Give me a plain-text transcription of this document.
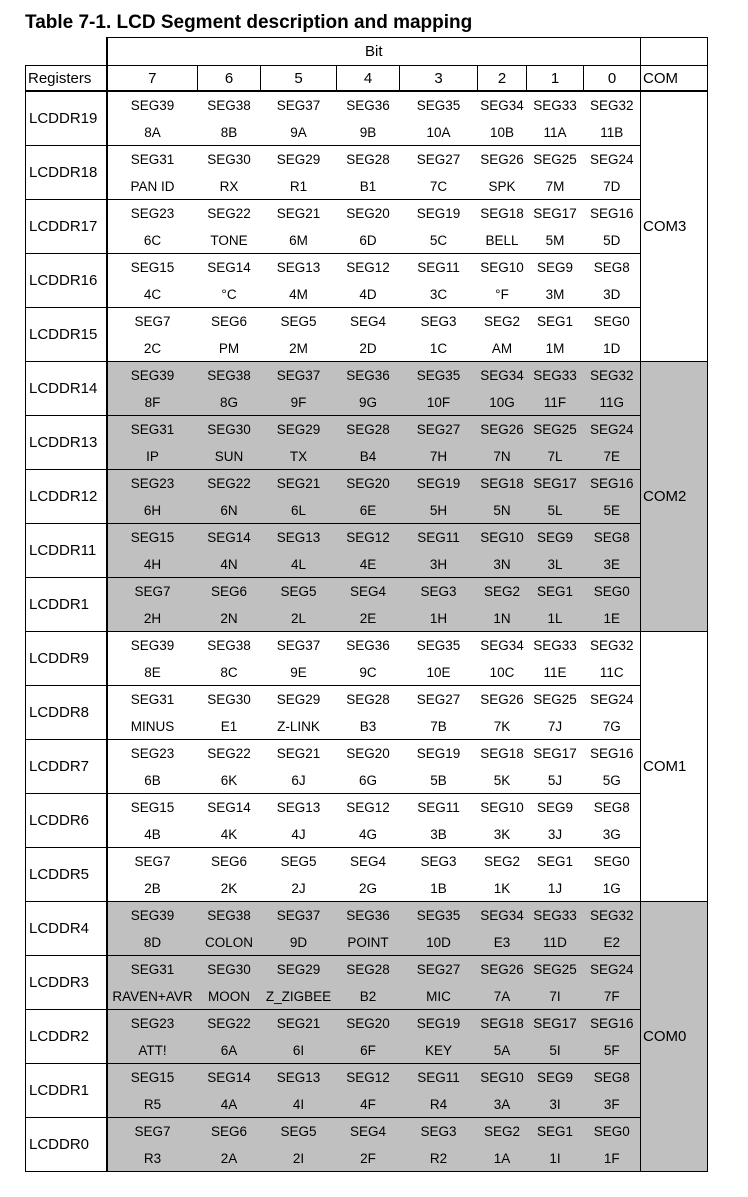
Table 7-1. LCD Segment description and mapping
	Bit								
Registers	7	6	5	4	3	2	1	0	COM
LCDDR19	SEG39	SEG38	SEG37	SEG36	SEG35	SEG34	SEG33	SEG32	COM3
	8A	8B	9A	9B	10A	10B	11A	11B	
LCDDR18	SEG31	SEG30	SEG29	SEG28	SEG27	SEG26	SEG25	SEG24	
	PAN ID	RX	R1	B1	7C	SPK	7M	7D	
LCDDR17	SEG23	SEG22	SEG21	SEG20	SEG19	SEG18	SEG17	SEG16	
	6C	TONE	6M	6D	5C	BELL	5M	5D	
LCDDR16	SEG15	SEG14	SEG13	SEG12	SEG11	SEG10	SEG9	SEG8	
	4C	°C	4M	4D	3C	°F	3M	3D	
LCDDR15	SEG7	SEG6	SEG5	SEG4	SEG3	SEG2	SEG1	SEG0	
	2C	PM	2M	2D	1C	AM	1M	1D	
LCDDR14	SEG39	SEG38	SEG37	SEG36	SEG35	SEG34	SEG33	SEG32	COM2
	8F	8G	9F	9G	10F	10G	11F	11G	
LCDDR13	SEG31	SEG30	SEG29	SEG28	SEG27	SEG26	SEG25	SEG24	
	IP	SUN	TX	B4	7H	7N	7L	7E	
LCDDR12	SEG23	SEG22	SEG21	SEG20	SEG19	SEG18	SEG17	SEG16	
	6H	6N	6L	6E	5H	5N	5L	5E	
LCDDR11	SEG15	SEG14	SEG13	SEG12	SEG11	SEG10	SEG9	SEG8	
	4H	4N	4L	4E	3H	3N	3L	3E	
LCDDR1	SEG7	SEG6	SEG5	SEG4	SEG3	SEG2	SEG1	SEG0	
	2H	2N	2L	2E	1H	1N	1L	1E	
LCDDR9	SEG39	SEG38	SEG37	SEG36	SEG35	SEG34	SEG33	SEG32	COM1
	8E	8C	9E	9C	10E	10C	11E	11C	
LCDDR8	SEG31	SEG30	SEG29	SEG28	SEG27	SEG26	SEG25	SEG24	
	MINUS	E1	Z-LINK	B3	7B	7K	7J	7G	
LCDDR7	SEG23	SEG22	SEG21	SEG20	SEG19	SEG18	SEG17	SEG16	
	6B	6K	6J	6G	5B	5K	5J	5G	
LCDDR6	SEG15	SEG14	SEG13	SEG12	SEG11	SEG10	SEG9	SEG8	
	4B	4K	4J	4G	3B	3K	3J	3G	
LCDDR5	SEG7	SEG6	SEG5	SEG4	SEG3	SEG2	SEG1	SEG0	
	2B	2K	2J	2G	1B	1K	1J	1G	
LCDDR4	SEG39	SEG38	SEG37	SEG36	SEG35	SEG34	SEG33	SEG32	COM0
	8D	COLON	9D	POINT	10D	E3	11D	E2	
LCDDR3	SEG31	SEG30	SEG29	SEG28	SEG27	SEG26	SEG25	SEG24	
	RAVEN+AVR	MOON	Z_ZIGBEE	B2	MIC	7A	7I	7F	
LCDDR2	SEG23	SEG22	SEG21	SEG20	SEG19	SEG18	SEG17	SEG16	
	ATT!	6A	6I	6F	KEY	5A	5I	5F	
LCDDR1	SEG15	SEG14	SEG13	SEG12	SEG11	SEG10	SEG9	SEG8	
	R5	4A	4I	4F	R4	3A	3I	3F	
LCDDR0	SEG7	SEG6	SEG5	SEG4	SEG3	SEG2	SEG1	SEG0	
	R3	2A	2I	2F	R2	1A	1I	1F	
